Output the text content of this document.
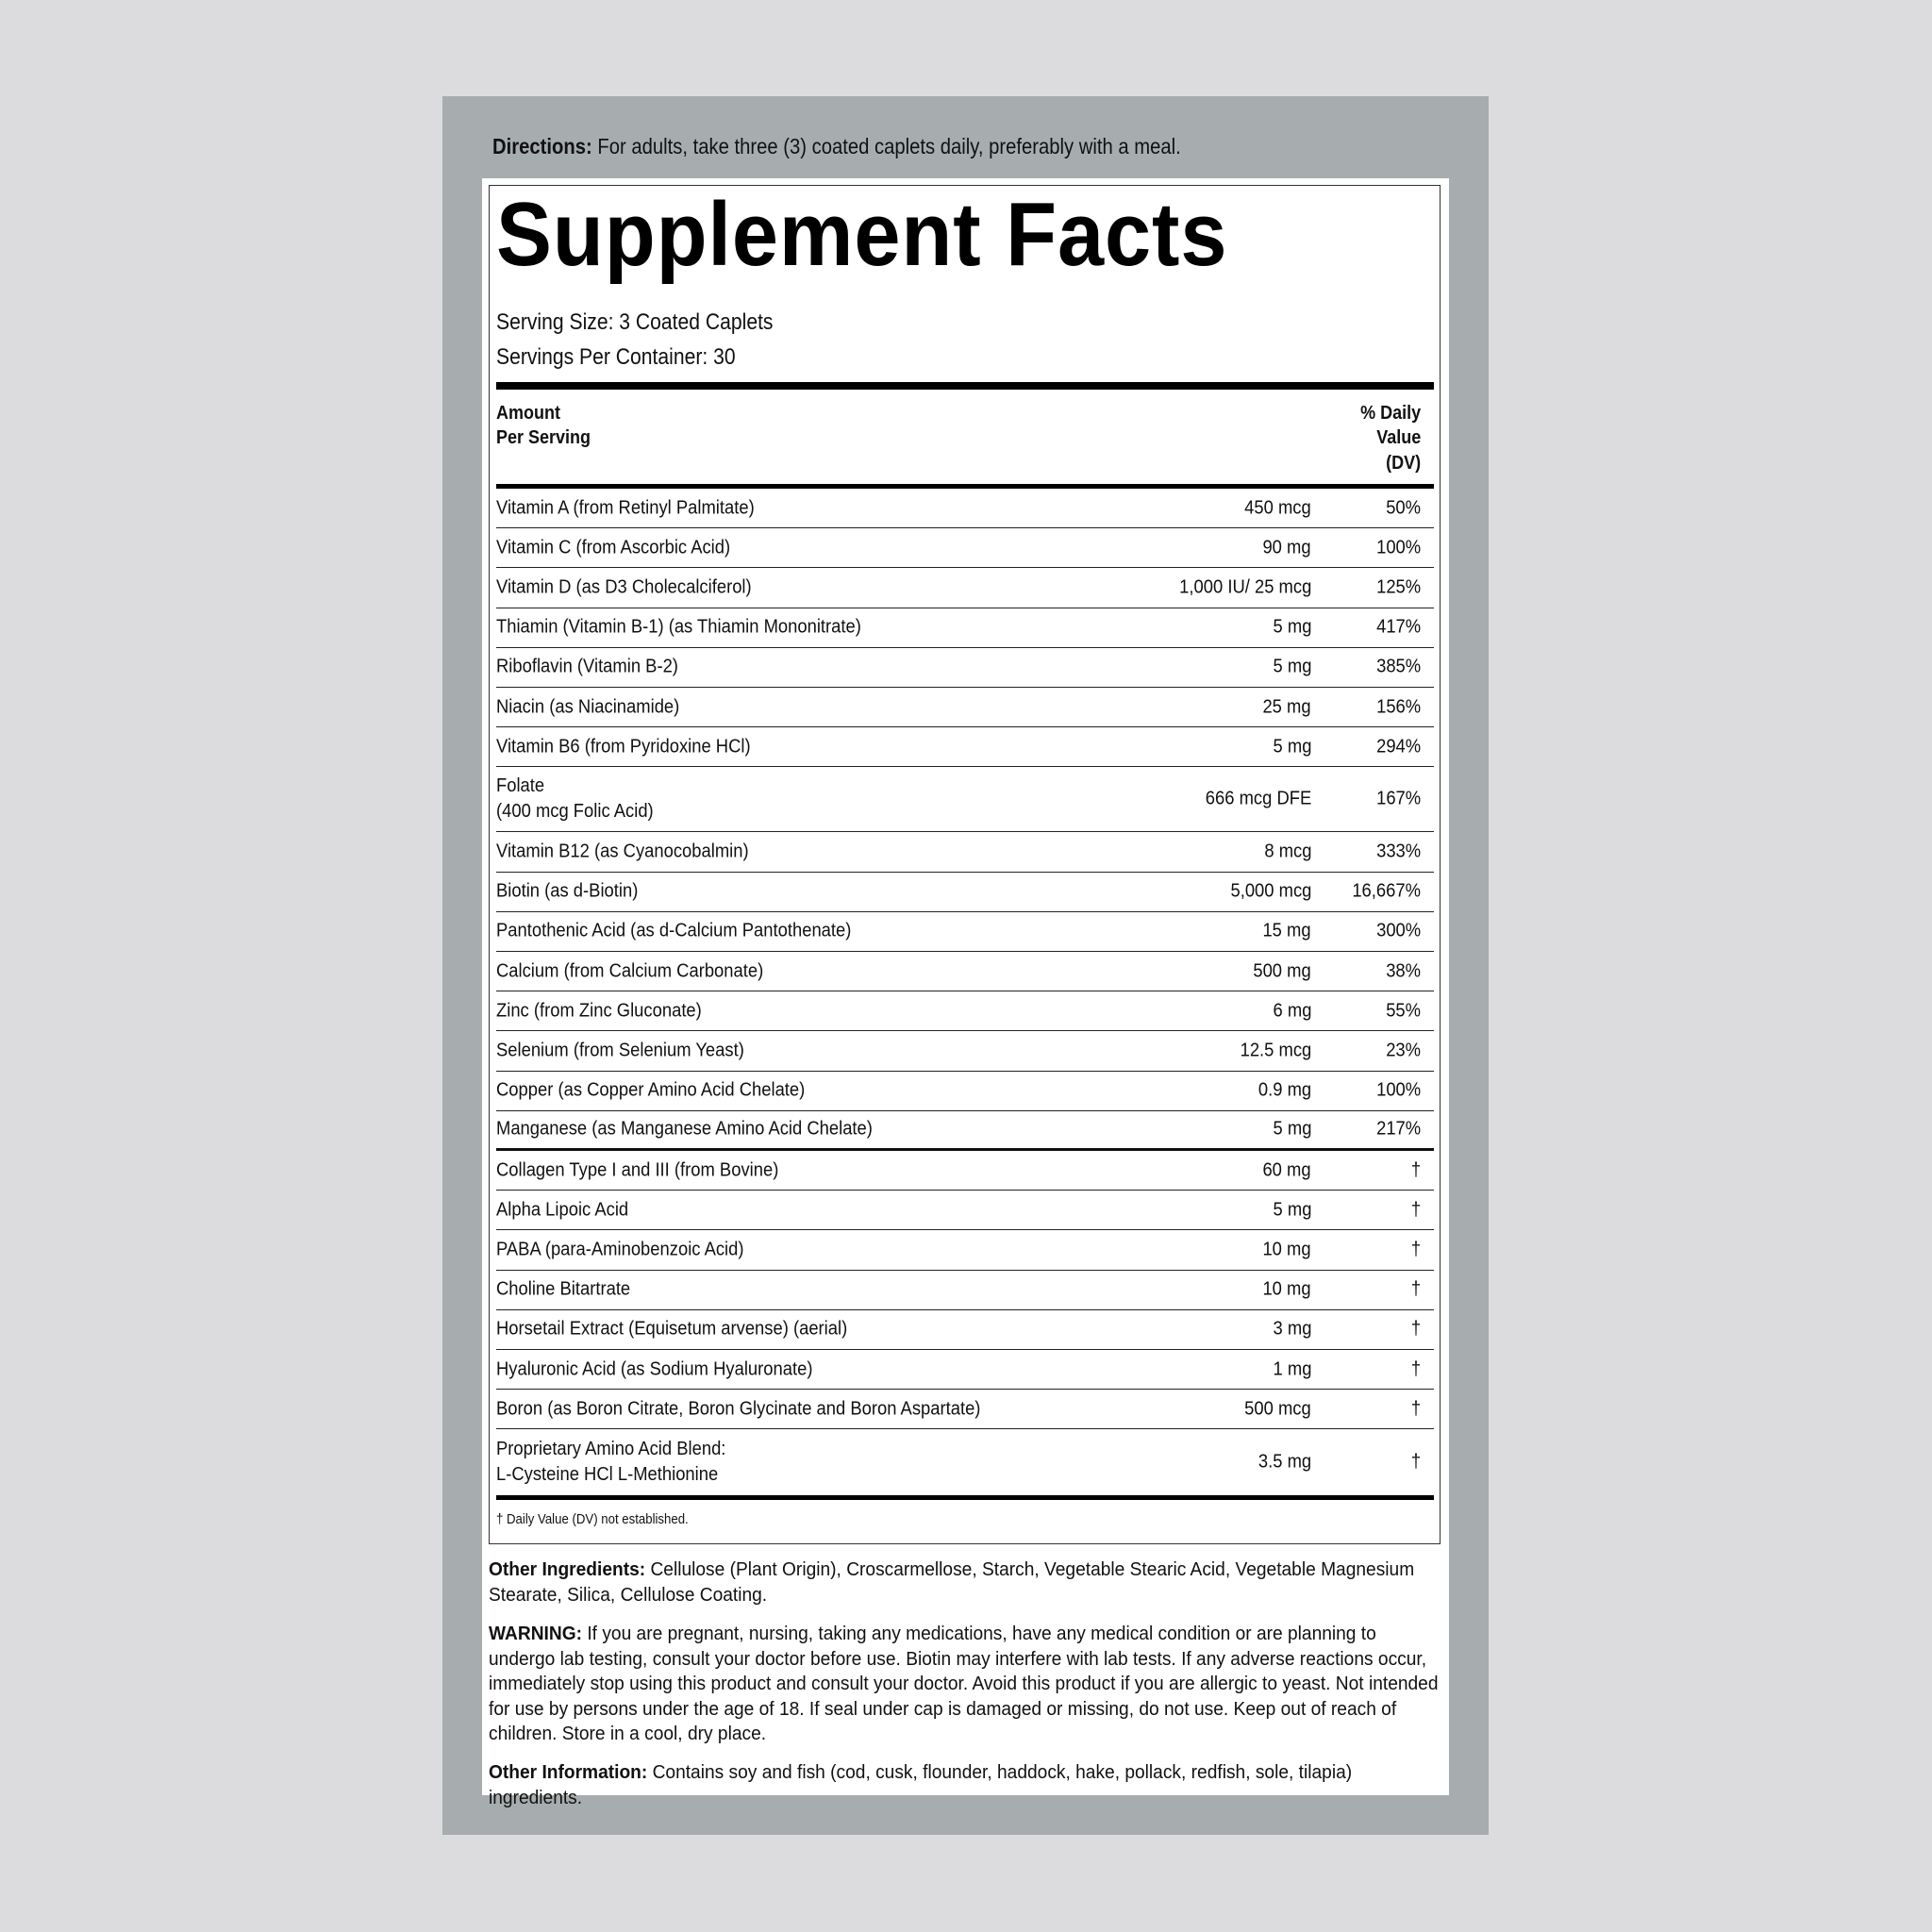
Directions: For adults, take three (3) coated caplets daily, preferably with a meal.
Supplement Facts
Serving Size: 3 Coated Caplets
Servings Per Container: 30
Amount
Per Serving
% Daily
Value
(DV)
Vitamin A (from Retinyl Palmitate)	450 mcg	50%
Vitamin C (from Ascorbic Acid)	90 mg	100%
Vitamin D (as D3 Cholecalciferol)	1,000 IU/ 25 mcg	125%
Thiamin (Vitamin B-1) (as Thiamin Mononitrate)	5 mg	417%
Riboflavin (Vitamin B-2)	5 mg	385%
Niacin (as Niacinamide)	25 mg	156%
Vitamin B6 (from Pyridoxine HCl)	5 mg	294%
Folate
(400 mcg Folic Acid)
666 mcg DFE	167%
Vitamin B12 (as Cyanocobalmin)	8 mcg	333%
Biotin (as d-Biotin)	5,000 mcg 16,667%
Pantothenic Acid (as d-Calcium Pantothenate)	15 mg	300%
Calcium (from Calcium Carbonate)	500 mg	38%
Zinc (from Zinc Gluconate)	6 mg	55%
Selenium (from Selenium Yeast)	12.5 mcg	23%
Copper (as Copper Amino Acid Chelate)	0.9 mg	100%
Manganese (as Manganese Amino Acid Chelate)	5 mg	217%
Collagen Type I and III (from Bovine)	60 mg	†
Alpha Lipoic Acid	5 mg	†
PABA (para-Aminobenzoic Acid)	10 mg	†
Choline Bitartrate	10 mg	†
Horsetail Extract (Equisetum arvense) (aerial)	3 mg	†
Hyaluronic Acid (as Sodium Hyaluronate)	1 mg	†
Boron (as Boron Citrate, Boron Glycinate and Boron Aspartate)	500 mcg	†
Proprietary Amino Acid Blend:
L-Cysteine HCl L-Methionine
3.5 mg	†
† Daily Value (DV) not established.
Other Ingredients: Cellulose (Plant Origin), Croscarmellose, Starch, Vegetable Stearic Acid, Vegetable Magnesium Stearate, Silica, Cellulose Coating.
WARNING: If you are pregnant, nursing, taking any medications, have any medical condition or are planning to undergo lab testing, consult your doctor before use. Biotin may interfere with lab tests. If any adverse reactions occur, immediately stop using this product and consult your doctor. Avoid this product if you are allergic to yeast. Not intended for use by persons under the age of 18. If seal under cap is damaged or missing, do not use. Keep out of reach of children. Store in a cool, dry place.
Other Information: Contains soy and fish (cod, cusk, flounder, haddock, hake, pollack, redfish, sole, tilapia) ingredients.
